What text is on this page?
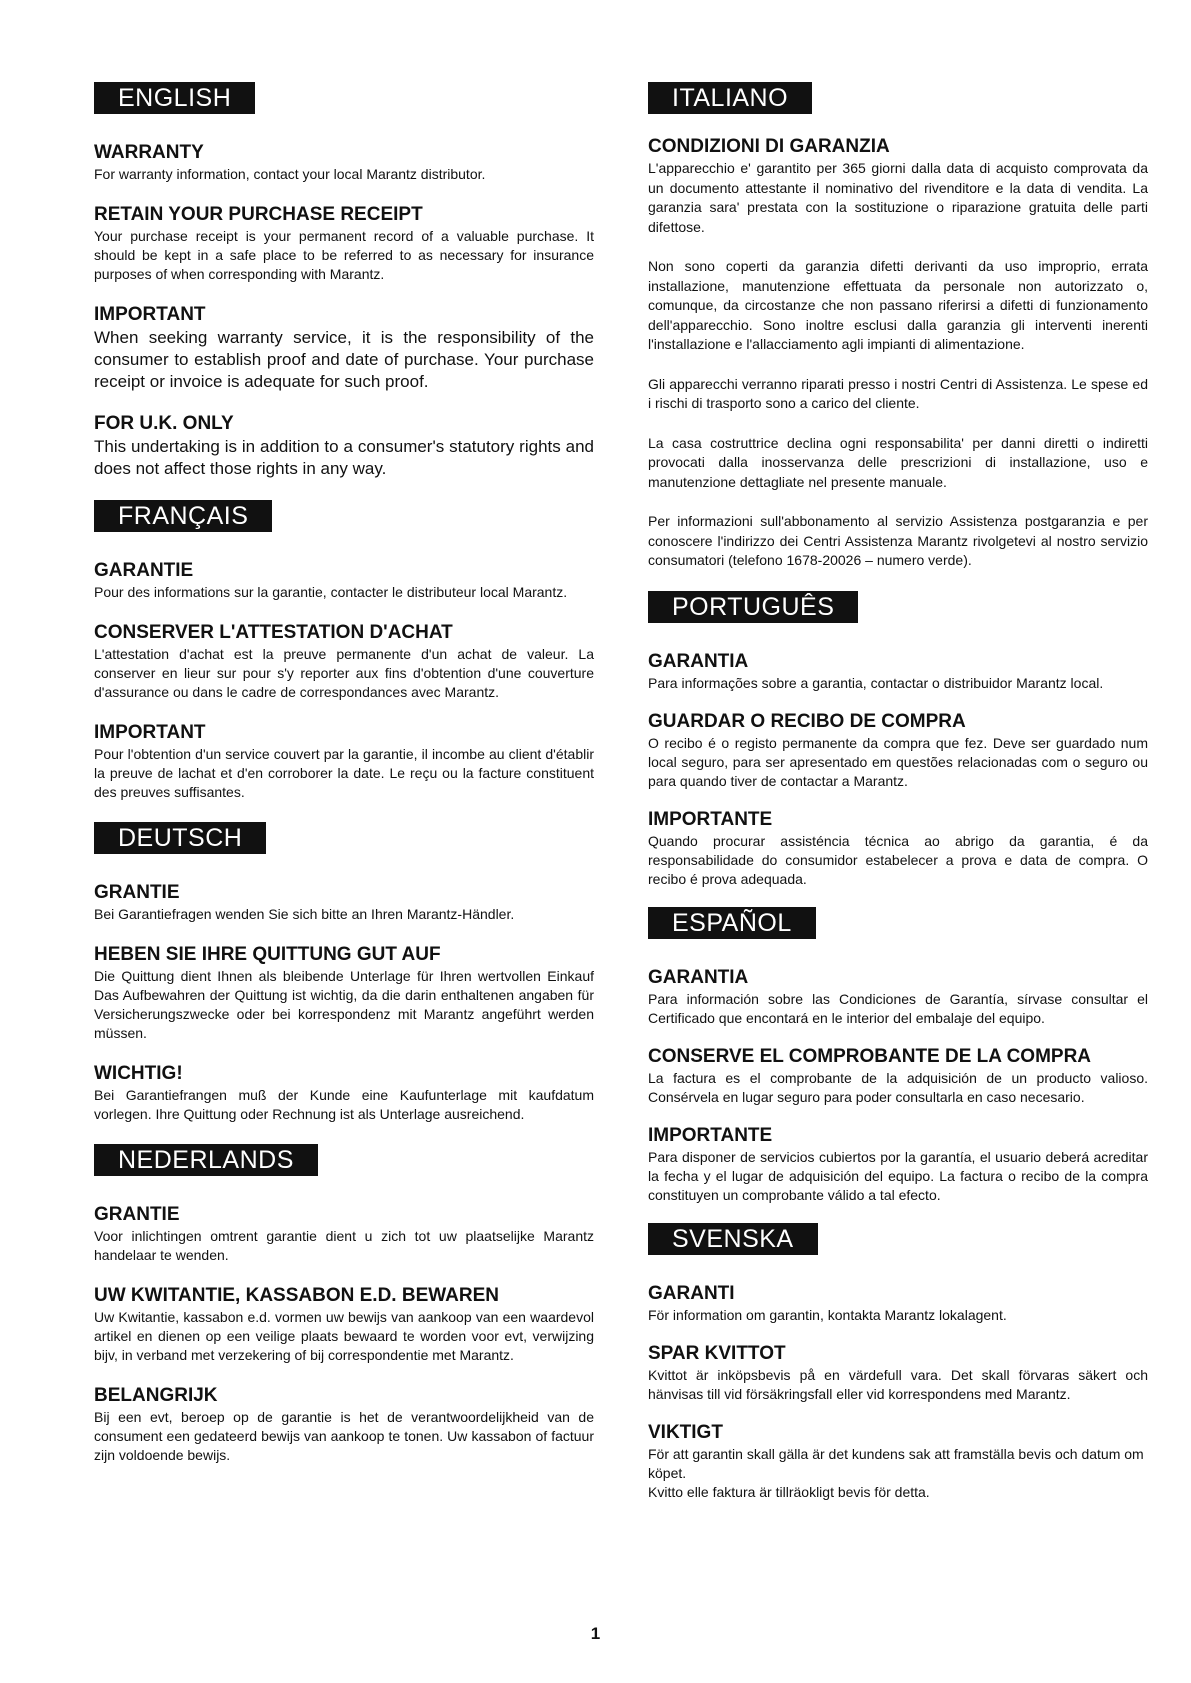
ENGLISH
WARRANTY

For warranty information, contact your local Marantz distributor.

RETAIN YOUR PURCHASE RECEIPT

Your purchase receipt is your permanent record of a valuable purchase. It should be kept in a safe place to be referred to as necessary for insurance purposes of when corresponding with Marantz.

IMPORTANT

When seeking warranty service, it is the responsibility of the consumer to establish proof and date of purchase. Your purchase receipt or invoice is adequate for such proof.

FOR U.K. ONLY

This undertaking is in addition to a consumer's statutory rights and does not affect those rights in any way.

FRANÇAIS
GARANTIE

Pour des informations sur la garantie, contacter le distributeur local Marantz.

CONSERVER L'ATTESTATION D'ACHAT

L'attestation d'achat est la preuve permanente d'un achat de valeur. La conserver en lieur sur pour s'y reporter aux fins d'obtention d'une couverture d'assurance ou dans le cadre de correspondances avec Marantz.

IMPORTANT

Pour l'obtention d'un service couvert par la garantie, il incombe au client d'établir la preuve de lachat et d'en corroborer la date. Le reçu ou la facture constituent des preuves suffisantes.

DEUTSCH
GRANTIE

Bei Garantiefragen wenden Sie sich bitte an Ihren Marantz-Händler.

HEBEN SIE IHRE QUITTUNG GUT AUF

Die Quittung dient Ihnen als bleibende Unterlage für Ihren wertvollen Einkauf Das Aufbewahren der Quittung ist wichtig, da die darin enthaltenen angaben für Versicherungszwecke oder bei korrespondenz mit Marantz angeführt werden müssen.

WICHTIG!

Bei Garantiefrangen muß der Kunde eine Kaufunterlage mit kaufdatum vorlegen. Ihre Quittung oder Rechnung ist als Unterlage ausreichend.

NEDERLANDS
GRANTIE

Voor inlichtingen omtrent garantie dient u zich tot uw plaatselijke Marantz handelaar te wenden.

UW KWITANTIE, KASSABON E.D. BEWAREN

Uw Kwitantie, kassabon e.d. vormen uw bewijs van aankoop van een waardevol artikel en dienen op een veilige plaats bewaard te worden voor evt, verwijzing bijv, in verband met verzekering of bij correspondentie met Marantz.

BELANGRIJK

Bij een evt, beroep op de garantie is het de verantwoordelijkheid van de consument een gedateerd bewijs van aankoop te tonen. Uw kassabon of factuur zijn voldoende bewijs.

ITALIANO
CONDIZIONI DI GARANZIA

L'apparecchio e' garantito per 365 giorni dalla data di acquisto comprovata da un documento attestante il nominativo del rivenditore e la data di vendita. La garanzia sara' prestata con la sostituzione o riparazione gratuita delle parti difettose.

Non sono coperti da garanzia difetti derivanti da uso improprio, errata installazione, manutenzione effettuata da personale non autorizzato o, comunque, da circostanze che non passano riferirsi a difetti di funzionamento dell'apparecchio. Sono inoltre esclusi dalla garanzia gli interventi inerenti l'installazione e l'allacciamento agli impianti di alimentazione.

Gli apparecchi verranno riparati presso i nostri Centri di Assistenza. Le spese ed i rischi di trasporto sono a carico del cliente.

La casa costruttrice declina ogni responsabilita' per danni diretti o indiretti provocati dalla inosservanza delle prescrizioni di installazione, uso e manutenzione dettagliate nel presente manuale.

Per informazioni sull'abbonamento al servizio Assistenza postgaranzia e per conoscere l'indirizzo dei Centri Assistenza Marantz rivolgetevi al nostro servizio consumatori (telefono 1678-20026 – numero verde).

PORTUGUÊS
GARANTIA

Para informações sobre a garantia, contactar o distribuidor Marantz local.

GUARDAR O RECIBO DE COMPRA

O recibo é o registo permanente da compra que fez. Deve ser guardado num local seguro, para ser apresentado em questões relacionadas com o seguro ou para quando tiver de contactar a Marantz.

IMPORTANTE

Quando procurar assisténcia técnica ao abrigo da garantia, é da responsabilidade do consumidor estabelecer a prova e data de compra. O recibo é prova adequada.

ESPAÑOL
GARANTIA

Para información sobre las Condiciones de Garantía, sírvase consultar el Certificado que encontará en le interior del embalaje del equipo.

CONSERVE EL COMPROBANTE DE LA COMPRA

La factura es el comprobante de la adquisición de un producto valioso. Consérvela en lugar seguro para poder consultarla en caso necesario.

IMPORTANTE

Para disponer de servicios cubiertos por la garantía, el usuario deberá acreditar la fecha y el lugar de adquisición del equipo. La factura o recibo de la compra constituyen un comprobante válido a tal efecto.

SVENSKA
GARANTI

För information om garantin, kontakta Marantz lokalagent.

SPAR KVITTOT

Kvittot är inköpsbevis på en värdefull vara. Det skall förvaras säkert och hänvisas till vid försäkringsfall eller vid korrespondens med Marantz.

VIKTIGT

För att garantin skall gälla är det kundens sak att framställa bevis och datum om köpet.

Kvitto elle faktura är tillräokligt bevis för detta.

1
